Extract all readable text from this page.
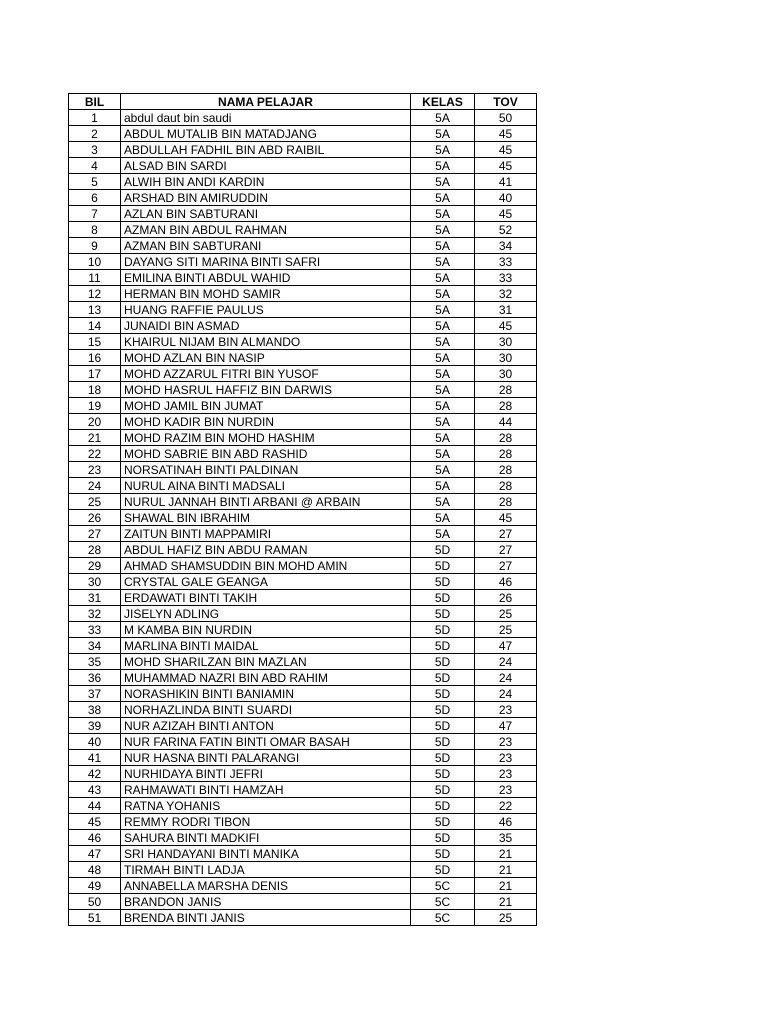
BIL	NAMA PELAJAR	KELAS	TOV
1	abdul daut bin saudi	5A	50
2	ABDUL MUTALIB BIN MATADJANG	5A	45
3	ABDULLAH FADHIL BIN ABD RAIBIL	5A	45
4	ALSAD BIN SARDI	5A	45
5	ALWIH BIN ANDI KARDIN	5A	41
6	ARSHAD BIN AMIRUDDIN	5A	40
7	AZLAN BIN SABTURANI	5A	45
8	AZMAN BIN ABDUL RAHMAN	5A	52
9	AZMAN BIN SABTURANI	5A	34
10	DAYANG SITI MARINA BINTI SAFRI	5A	33
11	EMILINA BINTI ABDUL WAHID	5A	33
12	HERMAN BIN MOHD SAMIR	5A	32
13	HUANG RAFFIE PAULUS	5A	31
14	JUNAIDI BIN ASMAD	5A	45
15	KHAIRUL NIJAM BIN ALMANDO	5A	30
16	MOHD AZLAN BIN NASIP	5A	30
17	MOHD AZZARUL FITRI BIN YUSOF	5A	30
18	MOHD HASRUL HAFFIZ BIN DARWIS	5A	28
19	MOHD JAMIL BIN JUMAT	5A	28
20	MOHD KADIR BIN NURDIN	5A	44
21	MOHD RAZIM BIN MOHD HASHIM	5A	28
22	MOHD SABRIE BIN ABD RASHID	5A	28
23	NORSATINAH BINTI PALDINAN	5A	28
24	NURUL AINA BINTI MADSALI	5A	28
25	NURUL JANNAH BINTI ARBANI @ ARBAIN	5A	28
26	SHAWAL BIN IBRAHIM	5A	45
27	ZAITUN BINTI MAPPAMIRI	5A	27
28	ABDUL HAFIZ BIN ABDU RAMAN	5D	27
29	AHMAD SHAMSUDDIN BIN MOHD AMIN	5D	27
30	CRYSTAL GALE GEANGA	5D	46
31	ERDAWATI BINTI TAKIH	5D	26
32	JISELYN ADLING	5D	25
33	M KAMBA BIN NURDIN	5D	25
34	MARLINA BINTI MAIDAL	5D	47
35	MOHD SHARILZAN BIN MAZLAN	5D	24
36	MUHAMMAD NAZRI BIN ABD RAHIM	5D	24
37	NORASHIKIN BINTI BANIAMIN	5D	24
38	NORHAZLINDA BINTI SUARDI	5D	23
39	NUR AZIZAH BINTI ANTON	5D	47
40	NUR FARINA FATIN BINTI OMAR BASAH	5D	23
41	NUR HASNA BINTI PALARANGI	5D	23
42	NURHIDAYA BINTI JEFRI	5D	23
43	RAHMAWATI BINTI HAMZAH	5D	23
44	RATNA YOHANIS	5D	22
45	REMMY RODRI TIBON	5D	46
46	SAHURA BINTI MADKIFI	5D	35
47	SRI HANDAYANI BINTI MANIKA	5D	21
48	TIRMAH BINTI LADJA	5D	21
49	ANNABELLA MARSHA DENIS	5C	21
50	BRANDON JANIS	5C	21
51	BRENDA BINTI JANIS	5C	25
